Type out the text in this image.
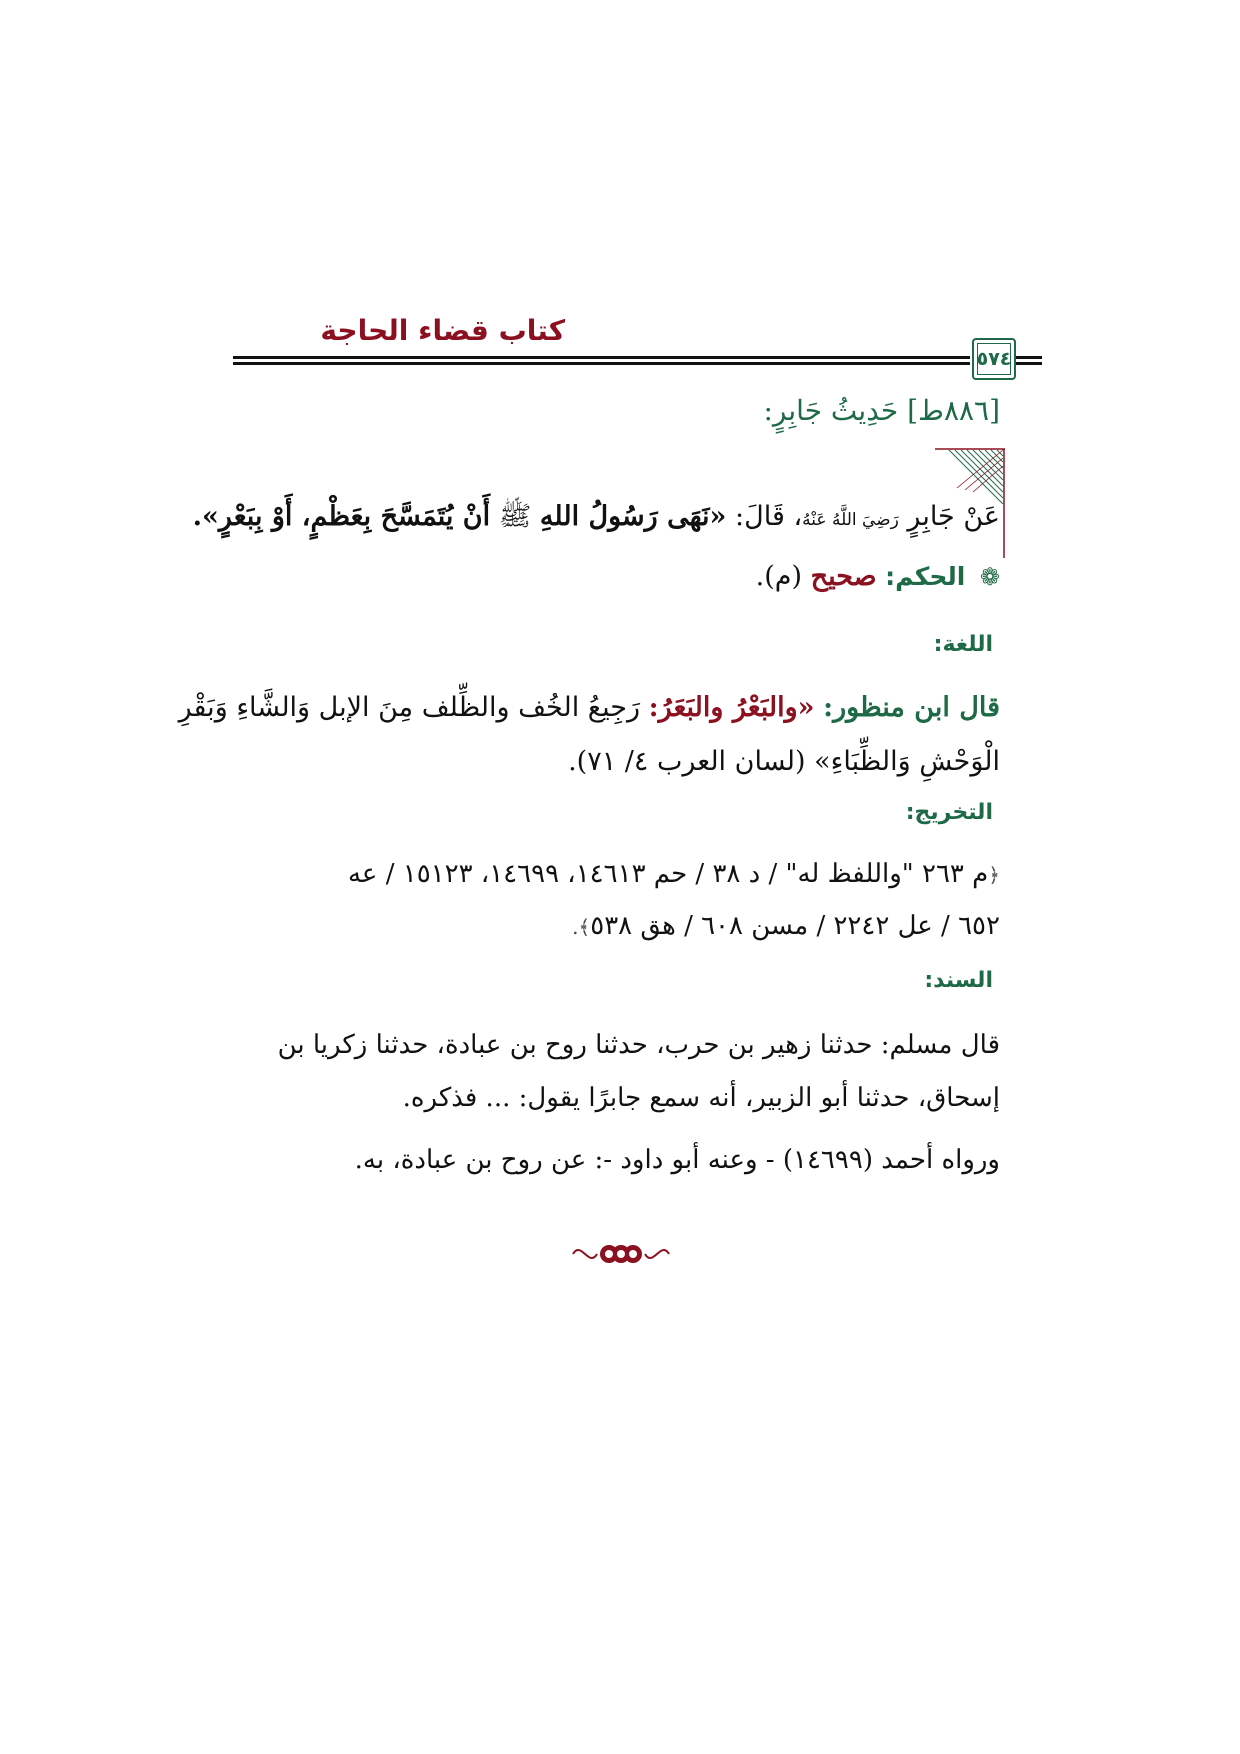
كتاب قضاء الحاجة
٥٧٤
[٨٨٦ط] حَدِيثُ جَابِرٍ:
عَنْ جَابِرٍ رَضِيَ اللَّهُ عَنْهُ، قَالَ: «نَهَى رَسُولُ اللهِ ﷺ أَنْ يُتَمَسَّحَ بِعَظْمٍ، أَوْ بِبَعْرٍ».
❁ الحكم: صحيح (م).
اللغة:
قال ابن منظور: «والبَعْرُ والبَعَرُ: رَجِيعُ الخُف والظِّلف مِنَ الإبل وَالشَّاءِ وَبَقْرِ
الْوَحْشِ وَالظِّبَاءِ» (لسان العرب ٤/ ٧١).
التخريج:
﴿م ٢٦٣ "واللفظ له" / د ٣٨ / حم ١٤٦١٣، ١٤٦٩٩، ١٥١٢٣ / عه
٦٥٢ / عل ٢٢٤٢ / مسن ٦٠٨ / هق ٥٣٨﴾.
السند:
قال مسلم: حدثنا زهير بن حرب، حدثنا روح بن عبادة، حدثنا زكريا بن
إسحاق، حدثنا أبو الزبير، أنه سمع جابرًا يقول: ... فذكره.
ورواه أحمد (١٤٦٩٩) - وعنه أبو داود -: عن روح بن عبادة، به.
